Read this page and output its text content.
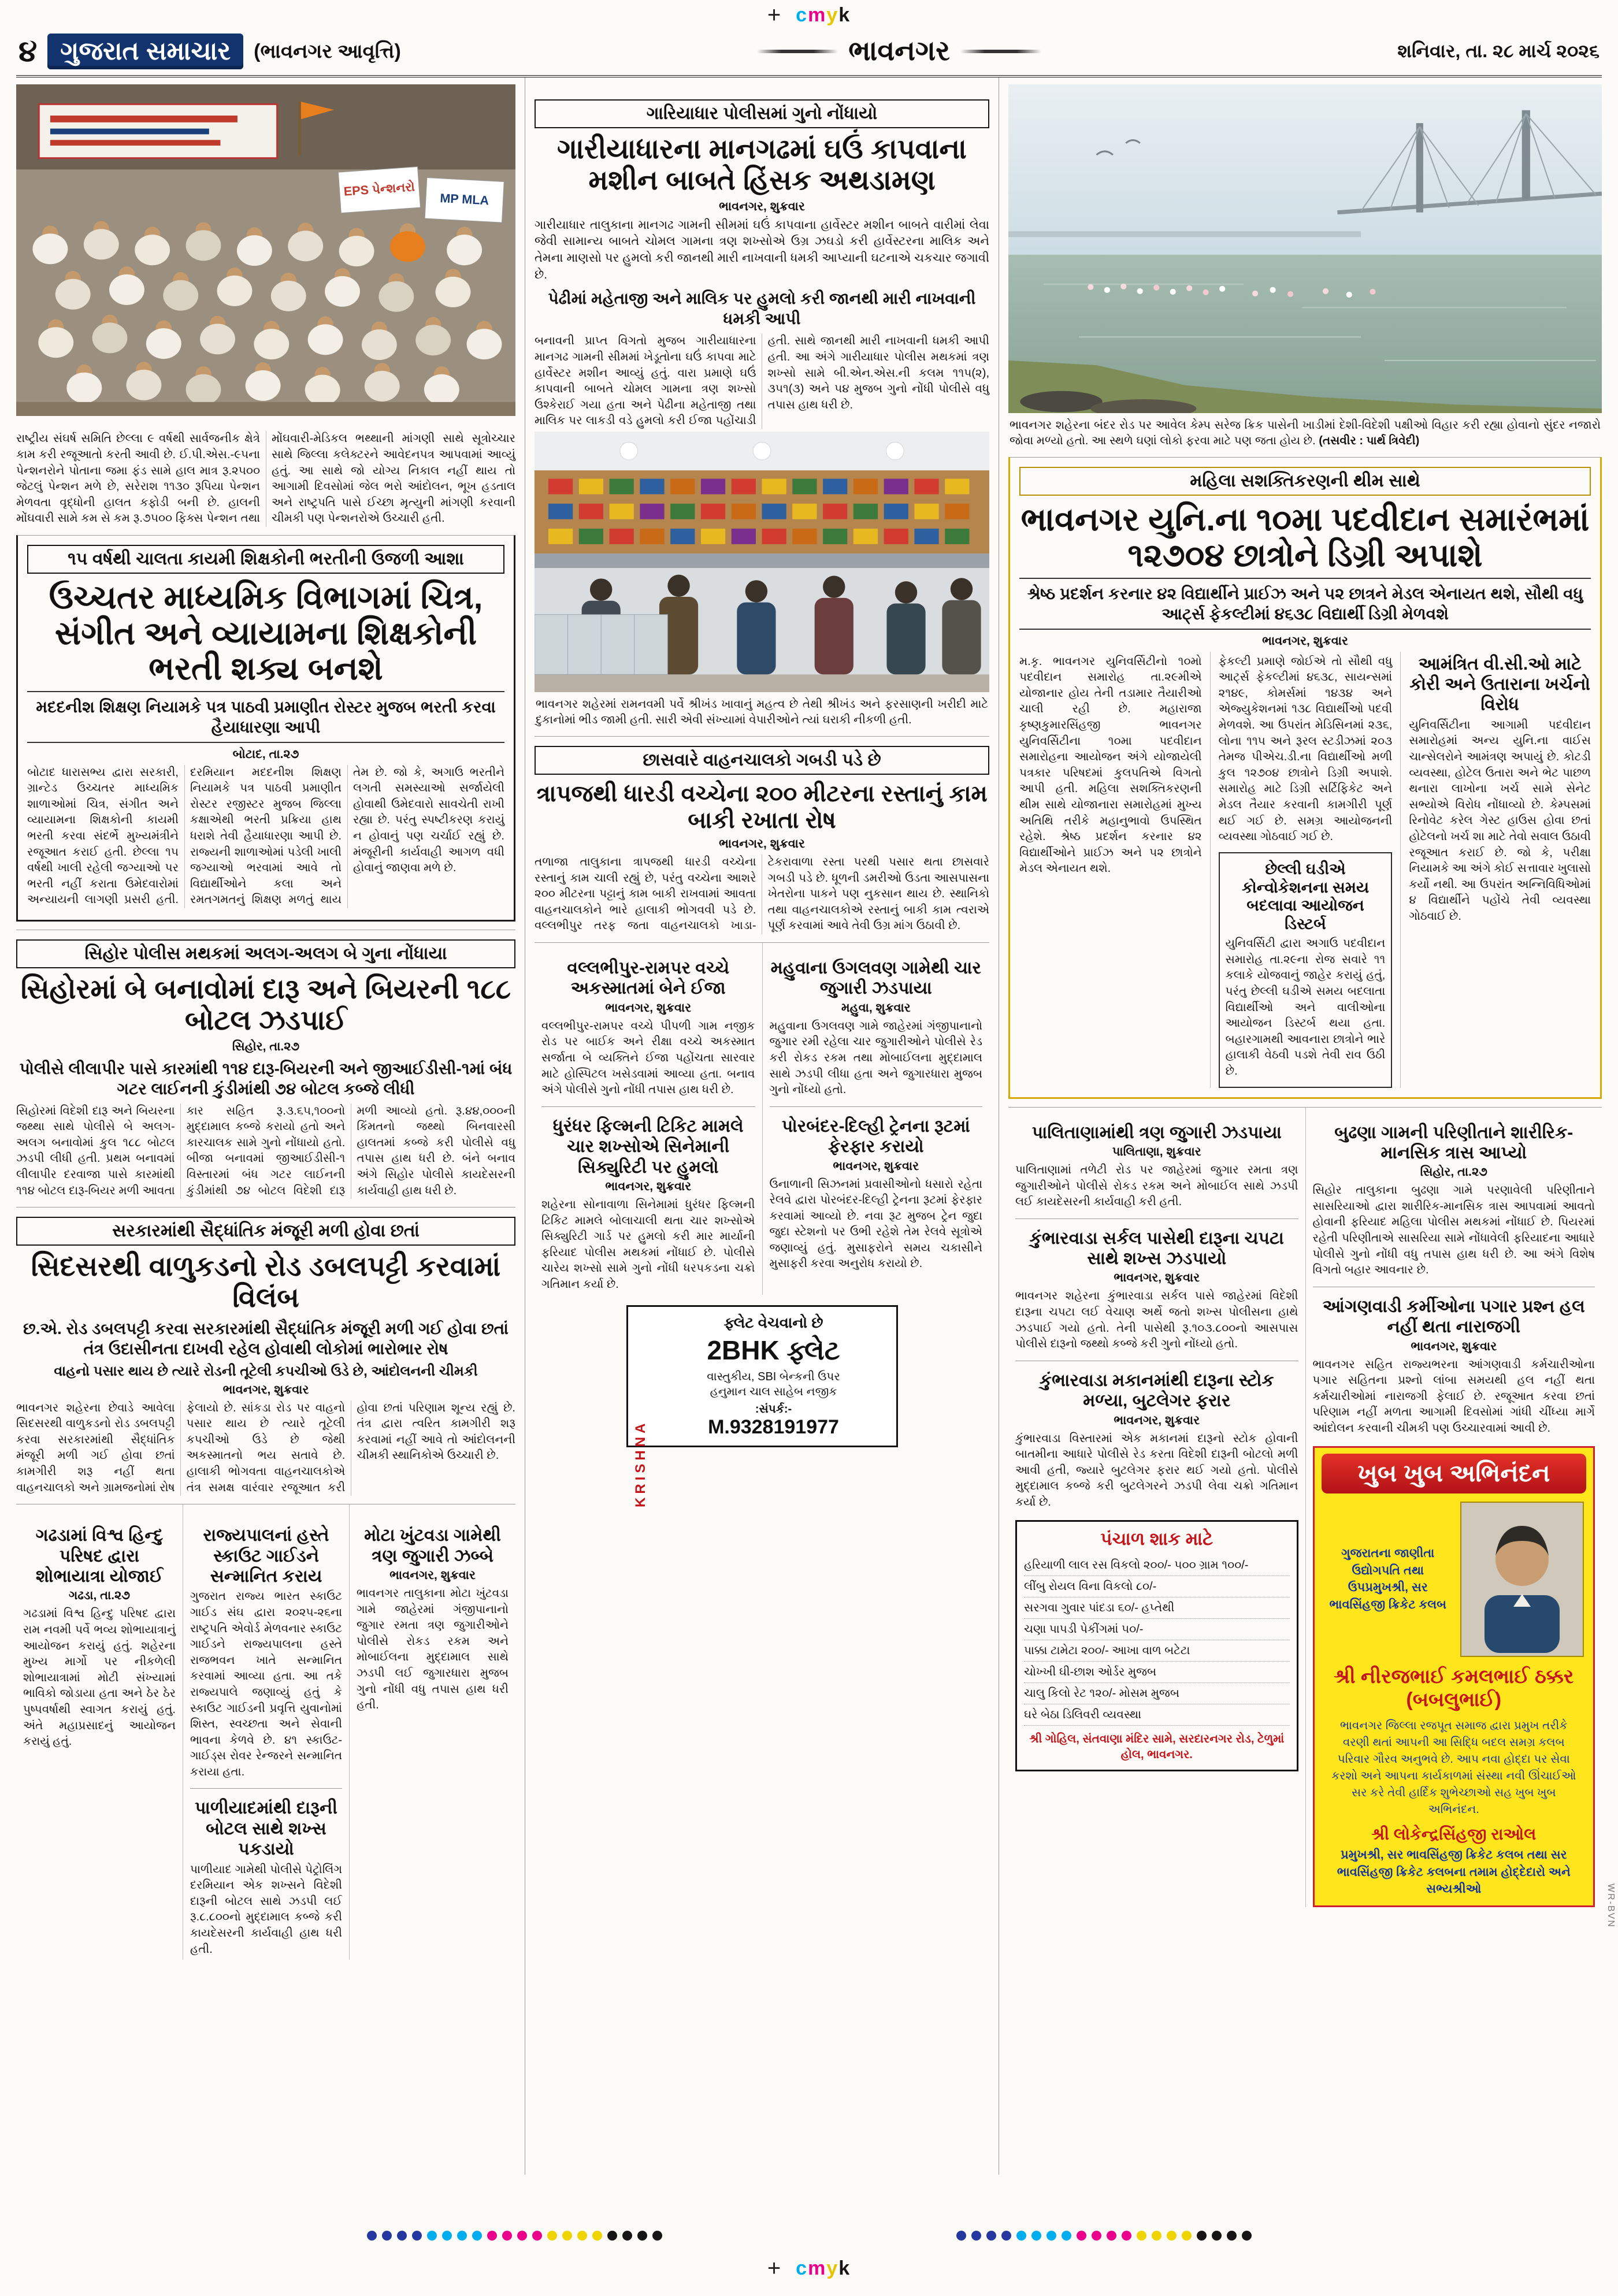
+ cmyk
૪ ગુજરાત સમાચાર	(ભાવનગર આવૃત્તિ)	ભાવનગર	શનિવાર, તા. ૨૮ માર્ચ ૨૦૨૬
EPS પેન્શનરો
MP MLA

રાષ્ટ્રીય સંઘર્ષ સમિતિ છેલ્લા ૯ વર્ષથી સાર્વજનીક ક્ષેત્રે કામ કરી રજૂઆતો કરતી આવી છે. ઈ.પી.એસ.-૯૫ના પેન્શનરોને પોતાના જમા ફંડ સામે હાલ માત્ર રૂ.૨૫૦૦ જેટલું પેન્શન મળે છે, સરેરાશ ૧૧૩૦ રૂપિયા પેન્શન મેળવતા વૃદ્ધોની હાલત કફોડી બની છે. હાલની મોંઘવારી સામે કમ સે કમ રૂ.૭૫૦૦ ફિક્સ પેન્શન તથા મોંઘવારી-મેડિકલ ભથ્થાની માંગણી સાથે સૂત્રોચ્ચાર સાથે જિલ્લા કલેક્ટરને આવેદનપત્ર આપવામાં આવ્યું હતું. આ સાથે જો યોગ્ય નિકાલ નહીં થાય તો આગામી દિવસોમાં જેલ ભરો આંદોલન, ભૂખ હડતાલ અને રાષ્ટ્રપતિ પાસે ઈચ્છા મૃત્યુની માંગણી કરવાની ચીમકી પણ પેન્શનરોએ ઉચ્ચારી હતી.

૧૫ વર્ષથી ચાલતા કાયમી શિક્ષકોની ભરતીની ઉજળી આશા
ઉચ્ચતર માધ્યમિક વિભાગમાં ચિત્ર, સંગીત અને વ્યાયામના શિક્ષકોની ભરતી શક્ય બનશે
મદદનીશ શિક્ષણ નિયામકે પત્ર પાઠવી પ્રમાણીત રોસ્ટર મુજબ ભરતી કરવા હૈયાધારણા આપી
બોટાદ, તા.૨૭

બોટાદ ધારાસભ્ય દ્વારા સરકારી, ગ્રાન્ટેડ ઉચ્ચતર માધ્યમિક શાળાઓમાં ચિત્ર, સંગીત અને વ્યાયામના શિક્ષકોની કાયમી ભરતી કરવા સંદર્ભે મુખ્યમંત્રીને રજૂઆત કરાઈ હતી. છેલ્લા ૧૫ વર્ષથી ખાલી રહેલી જગ્યાઓ પર ભરતી નહીં કરાતા ઉમેદવારોમાં અન્યાયની લાગણી પ્રસરી હતી. દરમિયાન મદદનીશ શિક્ષણ નિયામકે પત્ર પાઠવી પ્રમાણીત રોસ્ટર રજીસ્ટર મુજબ જિલ્લા કક્ષાએથી ભરતી પ્રક્રિયા હાથ ધરાશે તેવી હૈયાધારણા આપી છે. રાજ્યની શાળાઓમાં પડેલી ખાલી જગ્યાઓ ભરવામાં આવે તો વિદ્યાર્થીઓને કલા અને રમતગમતનું શિક્ષણ મળતું થાય તેમ છે. જો કે, અગાઉ ભરતીને લગતી સમસ્યાઓ સર્જાયેલી હોવાથી ઉમેદવારો સાવચેતી રાખી રહ્યા છે. પરંતુ સ્પષ્ટીકરણ કરાયું ન હોવાનું પણ ચર્ચાઈ રહ્યું છે. મંજૂરીની કાર્યવાહી આગળ વધી હોવાનું જાણવા મળે છે.

સિહોર પોલીસ મથકમાં અલગ-અલગ બે ગુના નોંધાયા
સિહોરમાં બે બનાવોમાં દારૂ અને બિયરની ૧૮૮ બોટલ ઝડપાઈ
સિહોર, તા.૨૭
પોલીસે લીલાપીર પાસે કારમાંથી ૧૧૪ દારૂ-બિયરની અને જીઆઈડીસી-૧માં બંધ ગટર લાઈનની કુંડીમાંથી ૭૪ બોટલ કબ્જે લીધી

સિહોરમાં વિદેશી દારૂ અને બિયરના જથ્થા સાથે પોલીસે બે અલગ-અલગ બનાવોમાં કુલ ૧૮૮ બોટલ ઝડપી લીધી હતી. પ્રથમ બનાવમાં લીલાપીર દરવાજા પાસે કારમાંથી ૧૧૪ બોટલ દારૂ-બિયર મળી આવતા કાર સહિત રૂ.૩.૬૫,૧૦૦નો મુદ્દામાલ કબ્જે કરાયો હતો અને કારચાલક સામે ગુનો નોંધાયો હતો. બીજા બનાવમાં જીઆઈડીસી-૧ વિસ્તારમાં બંધ ગટર લાઈનની કુંડીમાંથી ૭૪ બોટલ વિદેશી દારૂ મળી આવ્યો હતો. રૂ.૪૪,૦૦૦ની કિંમતનો જથ્થો બિનવારસી હાલતમાં કબ્જે કરી પોલીસે વધુ તપાસ હાથ ધરી છે. બંને બનાવ અંગે સિહોર પોલીસે કાયદેસરની કાર્યવાહી હાથ ધરી છે.

સરકારમાંથી સૈદ્ધાંતિક મંજૂરી મળી હોવા છતાં
સિદસરથી વાળુકડનો રોડ ડબલપટ્ટી કરવામાં વિલંબ
છ.એ. રોડ ડબલપટ્ટી કરવા સરકારમાંથી સૈદ્ધાંતિક મંજૂરી મળી ગઈ હોવા છતાં તંત્ર ઉદાસીનતા દાખવી રહેલ હોવાથી લોકોમાં ભારોભાર રોષ
વાહનો પસાર થાય છે ત્યારે રોડની તૂટેલી કપચીઓ ઉડે છે, આંદોલનની ચીમકી
ભાવનગર, શુક્રવાર

ભાવનગર શહેરના છેવાડે આવેલા સિદસરથી વાળુકડનો રોડ ડબલપટ્ટી કરવા સરકારમાંથી સૈદ્ધાંતિક મંજૂરી મળી ગઈ હોવા છતાં કામગીરી શરૂ નહીં થતા વાહનચાલકો અને ગ્રામજનોમાં રોષ ફેલાયો છે. સાંકડા રોડ પર વાહનો પસાર થાય છે ત્યારે તૂટેલી કપચીઓ ઉડે છે જેથી અકસ્માતનો ભય સતાવે છે. હાલાકી ભોગવતા વાહનચાલકોએ તંત્ર સમક્ષ વારંવાર રજૂઆત કરી હોવા છતાં પરિણામ શૂન્ય રહ્યું છે. તંત્ર દ્વારા ત્વરિત કામગીરી શરૂ કરવામાં નહીં આવે તો આંદોલનની ચીમકી સ્થાનિકોએ ઉચ્ચારી છે.

ગઢડામાં વિશ્વ હિન્દુ પરિષદ દ્વારા શોભાયાત્રા યોજાઈ
ગઢડા, તા.૨૭

ગઢડામાં વિશ્વ હિન્દુ પરિષદ દ્વારા રામ નવમી પર્વે ભવ્ય શોભાયાત્રાનું આયોજન કરાયું હતું. શહેરના મુખ્ય માર્ગો પર નીકળેલી શોભાયાત્રામાં મોટી સંખ્યામાં ભાવિકો જોડાયા હતા અને ઠેર ઠેર પુષ્પવર્ષાથી સ્વાગત કરાયું હતું. અંતે મહાપ્રસાદનું આયોજન કરાયું હતું.

રાજ્યપાલનાં હસ્તે સ્કાઉટ ગાઈડને સન્માનિત કરાય

ગુજરાત રાજ્ય ભારત સ્કાઉટ ગાઈડ સંઘ દ્વારા ૨૦૨૫-૨૬ના રાષ્ટ્રપતિ એવોર્ડ મેળવનાર સ્કાઉટ ગાઈડને રાજ્યપાલના હસ્તે રાજભવન ખાતે સન્માનિત કરવામાં આવ્યા હતા. આ તકે રાજ્યપાલે જણાવ્યું હતું કે સ્કાઉટ ગાઈડની પ્રવૃત્તિ યુવાનોમાં શિસ્ત, સ્વચ્છતા અને સેવાની ભાવના કેળવે છે. ૪૧ સ્કાઉટ-ગાઈડ્સ રોવર રેન્જરને સન્માનિત કરાયા હતા.

પાળીયાદમાંથી દારૂની બોટલ સાથે શખ્સ પકડાયો

પાળીયાદ ગામેથી પોલીસે પેટ્રોલિંગ દરમિયાન એક શખ્સને વિદેશી દારૂની બોટલ સાથે ઝડપી લઈ રૂ.૮.૮૦૦નો મુદ્દામાલ કબ્જે કરી કાયદેસરની કાર્યવાહી હાથ ધરી હતી.

મોટા ખુંટવડા ગામેથી ત્રણ જુગારી ઝબ્બે
ભાવનગર, શુક્રવાર

ભાવનગર તાલુકાના મોટા ખુંટવડા ગામે જાહેરમાં ગંજીપાનાનો જુગાર રમતા ત્રણ જુગારીઓને પોલીસે રોકડ રકમ અને મોબાઈલના મુદ્દામાલ સાથે ઝડપી લઈ જુગારધારા મુજબ ગુનો નોંધી વધુ તપાસ હાથ ધરી હતી.

ગારિયાધાર પોલીસમાં ગુનો નોંધાયો
ગારીયાધારના માનગઢમાં ઘઉં કાપવાના મશીન બાબતે હિંસક અથડામણ
ભાવનગર, શુક્રવાર

ગારીયાધાર તાલુકાના માનગઢ ગામની સીમમાં ઘઉં કાપવાના હાર્વેસ્ટર મશીન બાબતે વારીમાં લેવા જેવી સામાન્ય બાબતે ચોમલ ગામના ત્રણ શખ્સોએ ઉગ્ર ઝઘડો કરી હાર્વેસ્ટરના માલિક અને તેમના માણસો પર હુમલો કરી જાનથી મારી નાખવાની ધમકી આપ્યાની ઘટનાએ ચકચાર જગાવી છે.

પેઢીમાં મહેતાજી અને માલિક પર હુમલો કરી જાનથી મારી નાખવાની ધમકી આપી

બનાવની પ્રાપ્ત વિગતો મુજબ ગારીયાધારના માનગઢ ગામની સીમમાં ખેડૂતોના ઘઉં કાપવા માટે હાર્વેસ્ટર મશીન આવ્યું હતું. વારા પ્રમાણે ઘઉં કાપવાની બાબતે ચોમલ ગામના ત્રણ શખ્સો ઉશ્કેરાઈ ગયા હતા અને પેઢીના મહેતાજી તથા માલિક પર લાકડી વડે હુમલો કરી ઈજા પહોંચાડી હતી. સાથે જાનથી મારી નાખવાની ધમકી આપી હતી. આ અંગે ગારીયાધાર પોલીસ મથકમાં ત્રણ શખ્સો સામે બી.એન.એસ.ની કલમ ૧૧૫(૨), ૩૫૧(૩) અને ૫૪ મુજબ ગુનો નોંધી પોલીસે વધુ તપાસ હાથ ધરી છે.

ભાવનગર શહેરમાં રામનવમી પર્વે શ્રીખંડ ખાવાનું મહત્વ છે તેથી શ્રીખંડ અને ફરસાણની ખરીદી માટે દુકાનોમાં ભીડ જામી હતી. સારી એવી સંખ્યામાં વેપારીઓને ત્યાં ઘરાકી નીકળી હતી.
છાસવારે વાહનચાલકો ગબડી પડે છે
ત્રાપજથી ધારડી વચ્ચેના ૨૦૦ મીટરના રસ્તાનું કામ બાકી રખાતા રોષ
ભાવનગર, શુક્રવાર

તળાજા તાલુકાના ત્રાપજથી ધારડી વચ્ચેના રસ્તાનું કામ ચાલી રહ્યું છે, પરંતુ વચ્ચેના આશરે ૨૦૦ મીટરના પટ્ટાનું કામ બાકી રાખવામાં આવતા વાહનચાલકોને ભારે હાલાકી ભોગવવી પડે છે. વલ્લભીપુર તરફ જતા વાહનચાલકો ખાડા-ટેકરાવાળા રસ્તા પરથી પસાર થતા છાસવારે ગબડી પડે છે. ધૂળની ડમરીઓ ઉડતા આસપાસના ખેતરોના પાકને પણ નુકસાન થાય છે. સ્થાનિકો તથા વાહનચાલકોએ રસ્તાનું બાકી કામ ત્વરાએ પૂર્ણ કરવામાં આવે તેવી ઉગ્ર માંગ ઉઠાવી છે.

વલ્લભીપુર-રામપર વચ્ચે અકસ્માતમાં બેને ઈજા
ભાવનગર, શુક્રવાર

વલ્લભીપુર-રામપર વચ્ચે પીપળી ગામ નજીક રોડ પર બાઈક અને રીક્ષા વચ્ચે અકસ્માત સર્જાતા બે વ્યક્તિને ઈજા પહોંચતા સારવાર માટે હોસ્પિટલ ખસેડવામાં આવ્યા હતા. બનાવ અંગે પોલીસે ગુનો નોંધી તપાસ હાથ ધરી છે.

ધુરંધર ફિલ્મની ટિકિટ મામલે ચાર શખ્સોએ સિનેમાની સિક્યુરિટી પર હુમલો
ભાવનગર, શુક્રવાર

શહેરના સોનાવાળા સિનેમામાં ધુરંધર ફિલ્મની ટિકિટ મામલે બોલાચાલી થતા ચાર શખ્સોએ સિક્યુરિટી ગાર્ડ પર હુમલો કરી માર માર્યાની ફરિયાદ પોલીસ મથકમાં નોંધાઈ છે. પોલીસે ચારેય શખ્સો સામે ગુનો નોંધી ધરપકડના ચક્રો ગતિમાન કર્યા છે.

મહુવાના ઉગલવણ ગામેથી ચાર જુગારી ઝડપાયા
મહુવા, શુક્રવાર

મહુવાના ઉગલવણ ગામે જાહેરમાં ગંજીપાનાનો જુગાર રમી રહેલા ચાર જુગારીઓને પોલીસે રેડ કરી રોકડ રકમ તથા મોબાઈલના મુદ્દામાલ સાથે ઝડપી લીધા હતા અને જુગારધારા મુજબ ગુનો નોંધ્યો હતો.

પોરબંદર-દિલ્હી ટ્રેનના રૂટમાં ફેરફાર કરાયો
ભાવનગર, શુક્રવાર

ઉનાળાની સિઝનમાં પ્રવાસીઓનો ધસારો રહેતા રેલવે દ્વારા પોરબંદર-દિલ્હી ટ્રેનના રૂટમાં ફેરફાર કરવામાં આવ્યો છે. નવા રૂટ મુજબ ટ્રેન જુદા જુદા સ્ટેશનો પર ઉભી રહેશે તેમ રેલવે સૂત્રોએ જણાવ્યું હતું. મુસાફરોને સમય ચકાસીને મુસાફરી કરવા અનુરોધ કરાયો છે.

KRISHNA
ફ્લેટ વેચવાનો છે
2BHK ફ્લેટ
વાસ્તુકીય, SBI બેન્કની ઉપર
હનુમાન ચાલ સાહેબ નજીક
:સંપર્ક:-
M.9328191977
ભાવનગર શહેરના બંદર રોડ પર આવેલ કેમ્પ સરેજ ક્રિક પાસેની ખાડીમાં દેશી-વિદેશી પક્ષીઓ વિહાર કરી રહ્યા હોવાનો સુંદર નજારો જોવા મળ્યો હતો. આ સ્થળે ઘણાં લોકો ફરવા માટે પણ જતા હોય છે. (તસવીર : પાર્થ ત્રિવેદી)
મહિલા સશક્તિકરણની થીમ સાથે
ભાવનગર યુનિ.ના ૧૦મા પદવીદાન સમારંભમાં ૧૨૭૦૪ છાત્રોને ડિગ્રી અપાશે
શ્રેષ્ઠ પ્રદર્શન કરનાર ૪૨ વિદ્યાર્થીને પ્રાઈઝ અને ૫૨ છાત્રને મેડલ એનાયત થશે, સૌથી વધુ આર્ટ્સ ફેકલ્ટીમાં ૪૬૩૮ વિદ્યાર્થી ડિગ્રી મેળવશે
ભાવનગર, શુક્રવાર

મ.કૃ. ભાવનગર યુનિવર્સિટીનો ૧૦મો પદવીદાન સમારોહ તા.૨૯મીએ યોજાનાર હોય તેની તડામાર તૈયારીઓ ચાલી રહી છે. મહારાજા કૃષ્ણકુમારસિંહજી ભાવનગર યુનિવર્સિટીના ૧૦મા પદવીદાન સમારોહના આયોજન અંગે યોજાયેલી પત્રકાર પરિષદમાં કુલપતિએ વિગતો આપી હતી. મહિલા સશક્તિકરણની થીમ સાથે યોજાનારા સમારોહમાં મુખ્ય અતિથિ તરીકે મહાનુભાવો ઉપસ્થિત રહેશે. શ્રેષ્ઠ પ્રદર્શન કરનાર ૪૨ વિદ્યાર્થીઓને પ્રાઈઝ અને ૫૨ છાત્રોને મેડલ એનાયત થશે.

ફેકલ્ટી પ્રમાણે જોઈએ તો સૌથી વધુ આર્ટ્સ ફેકલ્ટીમાં ૪૬૩૮, સાયન્સમાં ૨૧૪૯, કોમર્સમાં ૧૪૩૪ અને એજ્યુકેશનમાં ૧૩૮ વિદ્યાર્થીઓ પદવી મેળવશે. આ ઉપરાંત મેડિસિનમાં ૨૩૬, લોના ૧૧૫ અને રૂરલ સ્ટડીઝમાં ૨૦૩ તેમજ પીએચ.ડી.ના વિદ્યાર્થીઓ મળી કુલ ૧૨૭૦૪ છાત્રોને ડિગ્રી અપાશે. સમારોહ માટે ડિગ્રી સર્ટિફિકેટ અને મેડલ તૈયાર કરવાની કામગીરી પૂર્ણ થઈ ગઈ છે. સમગ્ર આયોજનની વ્યવસ્થા ગોઠવાઈ ગઈ છે.

છેલ્લી ઘડીએ કોન્વોકેશનના સમય બદલાવા આયોજન ડિસ્ટર્બ

યુનિવર્સિટી દ્વારા અગાઉ પદવીદાન સમારોહ તા.૨૯ના રોજ સવારે ૧૧ કલાકે યોજવાનું જાહેર કરાયું હતું, પરંતુ છેલ્લી ઘડીએ સમય બદલાતા વિદ્યાર્થીઓ અને વાલીઓના આયોજન ડિસ્ટર્બ થયા હતા. બહારગામથી આવનારા છાત્રોને ભારે હાલાકી વેઠવી પડશે તેવી રાવ ઉઠી છે.

આમંત્રિત વી.સી.ઓ માટે કોરી અને ઉતારાના ખર્ચનો વિરોધ

યુનિવર્સિટીના આગામી પદવીદાન સમારોહમાં અન્ય યુનિ.ના વાઈસ ચાન્સેલરોને આમંત્રણ અપાયું છે. કોટડી વ્યવસ્થા, હોટેલ ઉતારા અને ભેટ પાછળ થનારા લાખોના ખર્ચ સામે સેનેટ સભ્યોએ વિરોધ નોંધાવ્યો છે. કેમ્પસમાં રિનોવેટ કરેલ ગેસ્ટ હાઉસ હોવા છતાં હોટેલનો ખર્ચ શા માટે તેવો સવાલ ઉઠાવી રજૂઆત કરાઈ છે. જો કે, પરીક્ષા નિયામકે આ અંગે કોઈ સત્તાવાર ખુલાસો કર્યો નથી. આ ઉપરાંત અન્નિવિધિઓમાં ૪ વિદ્યાર્થીને પહોંચે તેવી વ્યવસ્થા ગોઠવાઈ છે.

પાલિતાણામાંથી ત્રણ જુગારી ઝડપાયા
પાલિતાણા, શુક્રવાર

પાલિતાણામાં તળેટી રોડ પર જાહેરમાં જુગાર રમતા ત્રણ જુગારીઓને પોલીસે રોકડ રકમ અને મોબાઈલ સાથે ઝડપી લઈ કાયદેસરની કાર્યવાહી કરી હતી.

કુંભારવાડા સર્કલ પાસેથી દારૂના ચપટા સાથે શખ્સ ઝડપાયો
ભાવનગર, શુક્રવાર

ભાવનગર શહેરના કુંભારવાડા સર્કલ પાસે જાહેરમાં વિદેશી દારૂના ચપટા લઈ વેચાણ અર્થે જતો શખ્સ પોલીસના હાથે ઝડપાઈ ગયો હતો. તેની પાસેથી રૂ.૧૦૩.૮૦૦નો આસપાસ પોલીસે દારૂનો જથ્થો કબ્જે કરી ગુનો નોંધ્યો હતો.

કુંભારવાડા મકાનમાંથી દારૂના સ્ટોક મળ્યા, બુટલેગર ફરાર
ભાવનગર, શુક્રવાર

કુંભારવાડા વિસ્તારમાં એક મકાનમાં દારૂનો સ્ટોક હોવાની બાતમીના આધારે પોલીસે રેડ કરતા વિદેશી દારૂની બોટલો મળી આવી હતી, જ્યારે બુટલેગર ફરાર થઈ ગયો હતો. પોલીસે મુદ્દામાલ કબ્જે કરી બુટલેગરને ઝડપી લેવા ચક્રો ગતિમાન કર્યા છે.

પંચાળ શાક માટે
હરિયાળી લાલ રસ વિકલો ૨૦૦/- ૫૦૦ ગ્રામ ૧૦૦/-
લીંબુ રોયલ વિના વિકલો ૮૦/-
સરગવા ગુવાર પાંદડા ૬૦/- હપ્તેથી
ચણા પાપડી પેકીંગમાં ૫૦/-
પાક્કા ટામેટા ૨૦૦/- આખા વાળ બટેટા
ચોખ્ખી ઘી-છાશ ઓર્ડર મુજબ
ચાલુ કિલો રેટ ૧૨૦/- મોસમ મુજબ
ઘરે બેઠા ડિલિવરી વ્યવસ્થા
શ્રી ગોહિલ, સંતવાણા મંદિર સામે, સરદારનગર રોડ, ટેળુમાં હોલ, ભાવનગર.
બુઢણા ગામની પરિણીતાને શારીરિક-માનસિક ત્રાસ આપ્યો
સિહોર, તા.૨૭

સિહોર તાલુકાના બુઢણા ગામે પરણાવેલી પરિણીતાને સાસરિયાઓ દ્વારા શારીરિક-માનસિક ત્રાસ આપવામાં આવતો હોવાની ફરિયાદ મહિલા પોલીસ મથકમાં નોંધાઈ છે. પિયરમાં રહેતી પરિણીતાએ સાસરિયા સામે નોંધાવેલી ફરિયાદના આધારે પોલીસે ગુનો નોંધી વધુ તપાસ હાથ ધરી છે. આ અંગે વિશેષ વિગતો બહાર આવનાર છે.

આંગણવાડી કર્મીઓના પગાર પ્રશ્ન હલ નહીં થતા નારાજગી
ભાવનગર, શુક્રવાર

ભાવનગર સહિત રાજ્યભરના આંગણવાડી કર્મચારીઓના પગાર સહિતના પ્રશ્નો લાંબા સમયથી હલ નહીં થતા કર્મચારીઓમાં નારાજગી ફેલાઈ છે. રજૂઆત કરવા છતાં પરિણામ નહીં મળતા આગામી દિવસોમાં ગાંધી ચીંધ્યા માર્ગે આંદોલન કરવાની ચીમકી પણ ઉચ્ચારવામાં આવી છે.

ખુબ ખુબ અભિનંદન
ગુજરાતના જાણીતા ઉદ્યોગપતિ તથા ઉપપ્રમુખશ્રી, સર ભાવસિંહજી ક્રિકેટ કલબ
શ્રી નીરજભાઈ કમલભાઈ ઠક્કર (બબલુભાઈ)
ભાવનગર જિલ્લા રજપૂત સમાજ દ્વારા પ્રમુખ તરીકે વરણી થતાં આપની આ સિદ્ધિ બદલ સમગ્ર કલબ પરિવાર ગૌરવ અનુભવે છે. આપ નવા હોદ્દા પર સેવા કરશો અને આપના કાર્યકાળમાં સંસ્થા નવી ઊંચાઈઓ સર કરે તેવી હાર્દિક શુભેચ્છાઓ સહ ખુબ ખુબ અભિનંદન.
શ્રી લોકેન્દ્રસિંહજી રાઓલ
પ્રમુખશ્રી, સર ભાવસિંહજી ક્રિકેટ કલબ તથા સર ભાવસિંહજી ક્રિકેટ કલબના તમામ હોદ્દેદારો અને સભ્યશ્રીઓ
+ cmyk
WR-BVN
